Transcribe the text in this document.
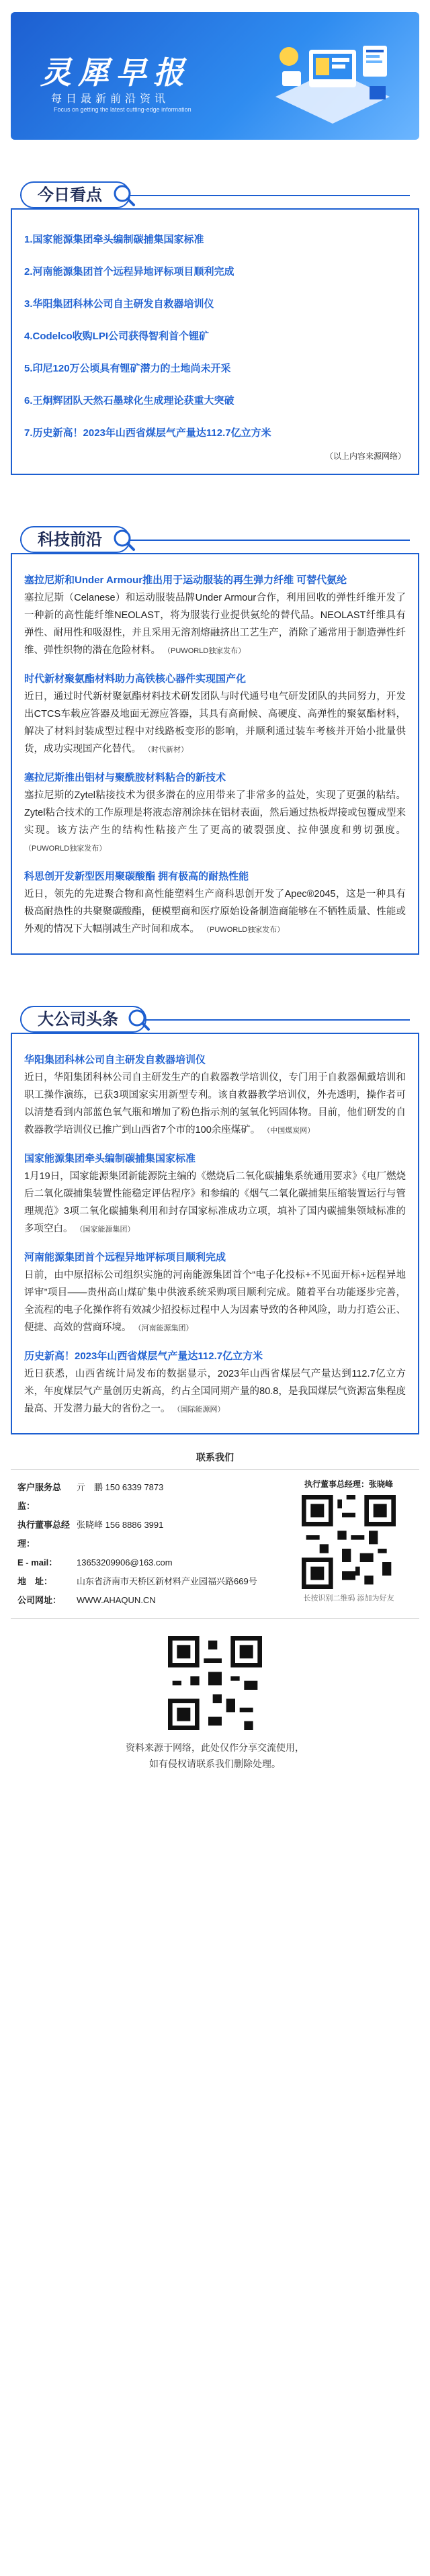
灵犀早报
每日最新前沿资讯
Focus on getting the latest cutting-edge information
今日看点
1.国家能源集团牵头编制碳捕集国家标准
2.河南能源集团首个远程异地评标项目顺利完成
3.华阳集团科林公司自主研发自救器培训仪
4.Codelco收购LPI公司获得智利首个锂矿
5.印尼120万公顷具有锂矿潜力的土地尚未开采
6.王炯辉团队天然石墨球化生成理论获重大突破
7.历史新高！2023年山西省煤层气产量达112.7亿立方米
（以上内容来源网络）
科技前沿
塞拉尼斯和Under Armour推出用于运动服装的再生弹力纤维 可替代氨纶
塞拉尼斯（Celanese）和运动服装品牌Under Armour合作，利用回收的弹性纤维开发了一种新的高性能纤维NEOLAST，将为服装行业提供氨纶的替代品。NEOLAST纤维具有弹性、耐用性和吸湿性，并且采用无溶剂熔融挤出工艺生产，消除了通常用于制造弹性纤维、弹性织物的潜在危险材料。 （PUWORLD独家发布）
时代新材聚氨酯材料助力高铁核心器件实现国产化
近日，通过时代新材聚氨酯材料技术研发团队与时代通号电气研发团队的共同努力，开发出CTCS车载应答器及地面无源应答器，其具有高耐候、高硬度、高弹性的聚氨酯材料，解决了材料封装成型过程中对线路板变形的影响，并顺利通过装车考核并开始小批量供货，成功实现国产化替代。 （时代新材）
塞拉尼斯推出铝材与聚酰胺材料粘合的新技术
塞拉尼斯的Zytel粘接技术为很多潜在的应用带来了非常多的益处，实现了更强的粘结。Zytel粘合技术的工作原理是将液态溶剂涂抹在铝材表面，然后通过热板焊接或包覆成型来实现。该方法产生的结构性粘接产生了更高的破裂强度、拉伸强度和剪切强度。 （PUWORLD独家发布）
科思创开发新型医用聚碳酸酯 拥有极高的耐热性能
近日，领先的先进聚合物和高性能塑料生产商科思创开发了Apec®2045，这是一种具有极高耐热性的共聚聚碳酸酯，便模塑商和医疗原始设备制造商能够在不牺牲质量、性能或外观的情况下大幅削减生产时间和成本。 （PUWORLD独家发布）
大公司头条
华阳集团科林公司自主研发自救器培训仪
近日，华阳集团科林公司自主研发生产的自救器教学培训仪，专门用于自救器佩戴培训和职工操作演练，已获3项国家实用新型专利。该自救器教学培训仪，外壳透明，操作者可以清楚看到内部蓝色氧气瓶和增加了粉色指示剂的氢氧化钙固体物。目前，他们研发的自救器教学培训仪已推广到山西省7个市的100余座煤矿。 （中国煤炭网）
国家能源集团牵头编制碳捕集国家标准
1月19日，国家能源集团新能源院主编的《燃烧后二氧化碳捕集系统通用要求》《电厂燃烧后二氧化碳捕集装置性能稳定评估程序》和参编的《烟气二氧化碳捕集压缩装置运行与管理规范》3项二氧化碳捕集利用和封存国家标准成功立项，填补了国内碳捕集领域标准的多项空白。 （国家能源集团）
河南能源集团首个远程异地评标项目顺利完成
日前，由中原招标公司组织实施的河南能源集团首个“电子化投标+不见面开标+远程异地评审”项目——贵州高山煤矿集中供液系统采购项目顺利完成。随着平台功能逐步完善，全流程的电子化操作将有效减少招投标过程中人为因素导致的各种风险，助力打造公正、便捷、高效的营商环境。 （河南能源集团）
历史新高！2023年山西省煤层气产量达112.7亿立方米
近日获悉，山西省统计局发布的数据显示，2023年山西省煤层气产量达到112.7亿立方米，年度煤层气产量创历史新高，约占全国同期产量的80.8，是我国煤层气资源富集程度最高、开发潜力最大的省份之一。 （国际能源网）
联系我们
客户服务总监：
亓　鹏 150 6339 7873
执行董事总经理：
张晓峰 156 8886 3991
E - mail：	13653209906@163.com
地　址：	山东省济南市天桥区新材料产业园福兴路669号
公司网址：	WWW.AHAQUN.CN
执行董事总经理：张晓峰
长按识别二维码 添加为好友
资料来源于网络，此处仅作分享交流使用，
如有侵权请联系我们删除处理。
